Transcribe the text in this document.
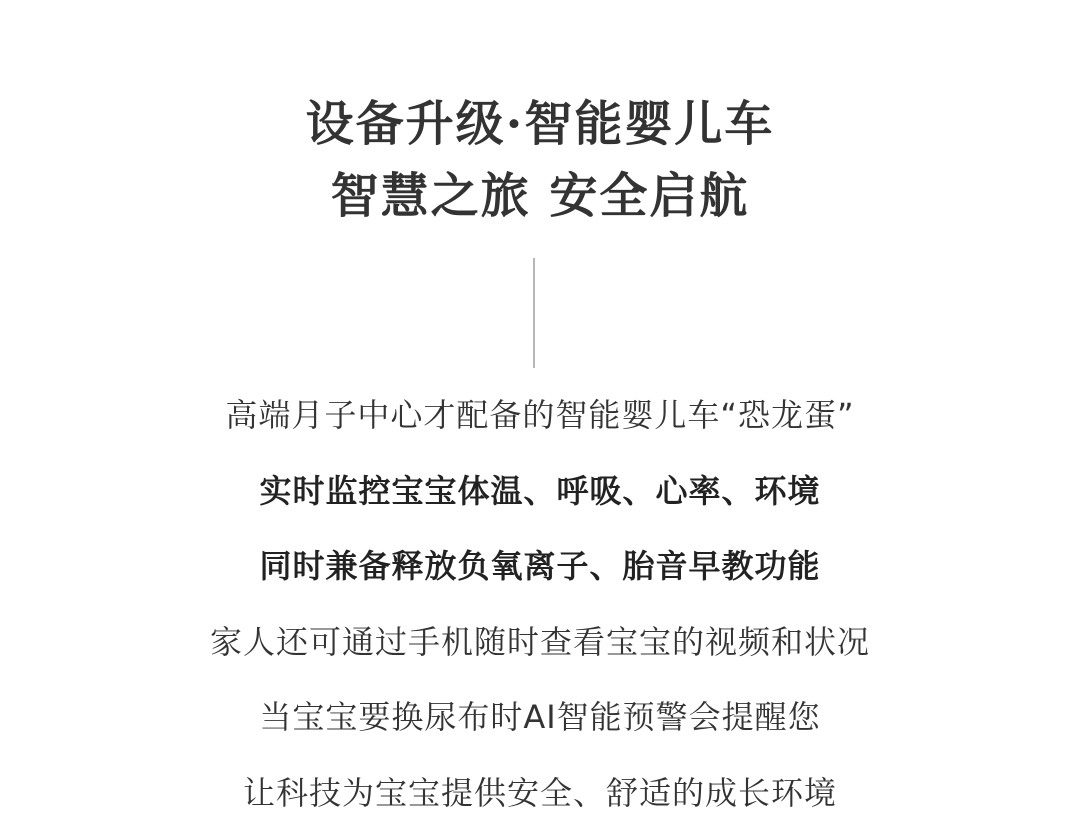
设备升级·智能婴儿车

智慧之旅 安全启航

高端月子中心才配备的智能婴儿车“恐龙蛋”

实时监控宝宝体温、呼吸、心率、环境

同时兼备释放负氧离子、胎音早教功能

家人还可通过手机随时查看宝宝的视频和状况

当宝宝要换尿布时AI智能预警会提醒您

让科技为宝宝提供安全、舒适的成长环境
